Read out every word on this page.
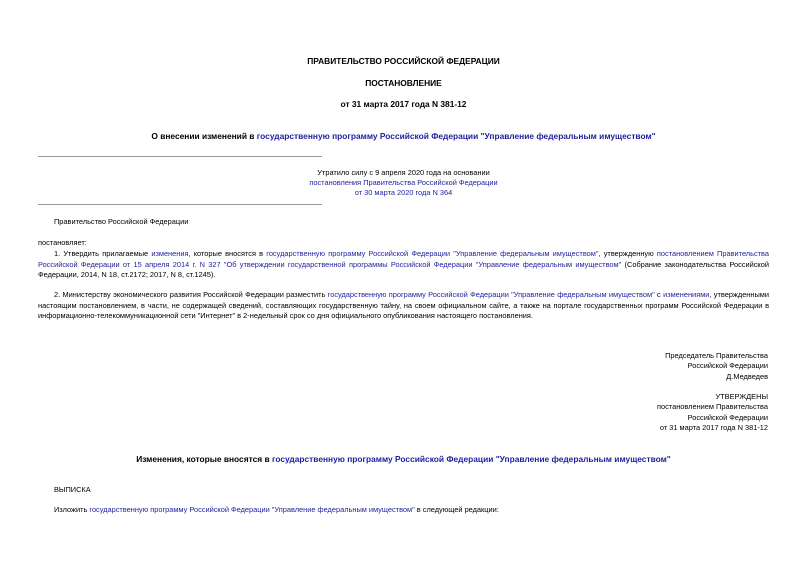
ПРАВИТЕЛЬСТВО РОССИЙСКОЙ ФЕДЕРАЦИИ
ПОСТАНОВЛЕНИЕ
от 31 марта 2017 года N 381-12
О внесении изменений в государственную программу Российской Федерации "Управление федеральным имуществом"
Утратило силу с 9 апреля 2020 года на основании
постановления Правительства Российской Федерации
от 30 марта 2020 года N 364
Правительство Российской Федерации
постановляет:
1. Утвердить прилагаемые изменения, которые вносятся в государственную программу Российской Федерации "Управление федеральным имуществом", утвержденную постановлением Правительства Российской Федерации от 15 апреля 2014 г. N 327 "Об утверждении государственной программы Российской Федерации "Управление федеральным имуществом" (Собрание законодательства Российской Федерации, 2014, N 18, ст.2172; 2017, N 8, ст.1245).
2. Министерству экономического развития Российской Федерации разместить государственную программу Российской Федерации "Управление федеральным имуществом" с изменениями, утвержденными настоящим постановлением, в части, не содержащей сведений, составляющих государственную тайну, на своем официальном сайте, а также на портале государственных программ Российской Федерации в информационно-телекоммуникационной сети "Интернет" в 2-недельный срок со дня официального опубликования настоящего постановления.
Председатель Правительства
Российской Федерации
Д.Медведев
УТВЕРЖДЕНЫ
постановлением Правительства
Российской Федерации
от 31 марта 2017 года N 381-12
Изменения, которые вносятся в государственную программу Российской Федерации "Управление федеральным имуществом"
ВЫПИСКА
Изложить государственную программу Российской Федерации "Управление федеральным имуществом" в следующей редакции:
